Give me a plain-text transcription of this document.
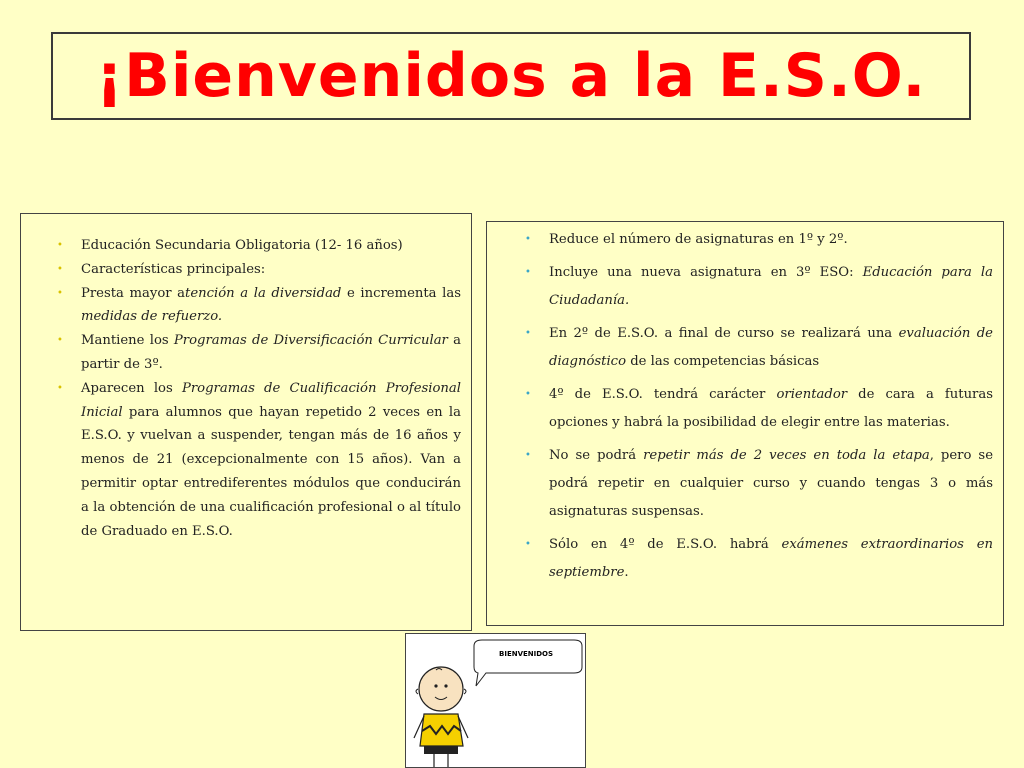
¡Bienvenidos a la E.S.O.
• Educación Secundaria Obligatoria (12- 16 años)
• Características principales:
• Presta mayor atención a la diversidad e incrementa las medidas de refuerzo.
• Mantiene los Programas de Diversificación Curricular a partir de 3º.
• Aparecen los Programas de Cualificación Profesional Inicial para alumnos que hayan repetido 2 veces en la E.S.O. y vuelvan a suspender, tengan más de 16 años y menos de 21 (excepcionalmente con 15 años). Van a permitir optar entrediferentes módulos que conducirán a la obtención de una cualificación profesional o al título de Graduado en E.S.O.
• Reduce el número de asignaturas en 1º y 2º.
• Incluye una nueva asignatura en 3º ESO: Educación para la Ciudadanía.
• En 2º de E.S.O. a final de curso se realizará una evaluación de diagnóstico de las competencias básicas
• 4º de E.S.O. tendrá carácter orientador de cara a futuras opciones y habrá la posibilidad de elegir entre las materias.
• No se podrá repetir más de 2 veces en toda la etapa, pero se podrá repetir en cualquier curso y cuando tengas 3 o más asignaturas suspensas.
• Sólo en 4º de E.S.O. habrá exámenes extraordinarios en septiembre.
BIENVENIDOS
